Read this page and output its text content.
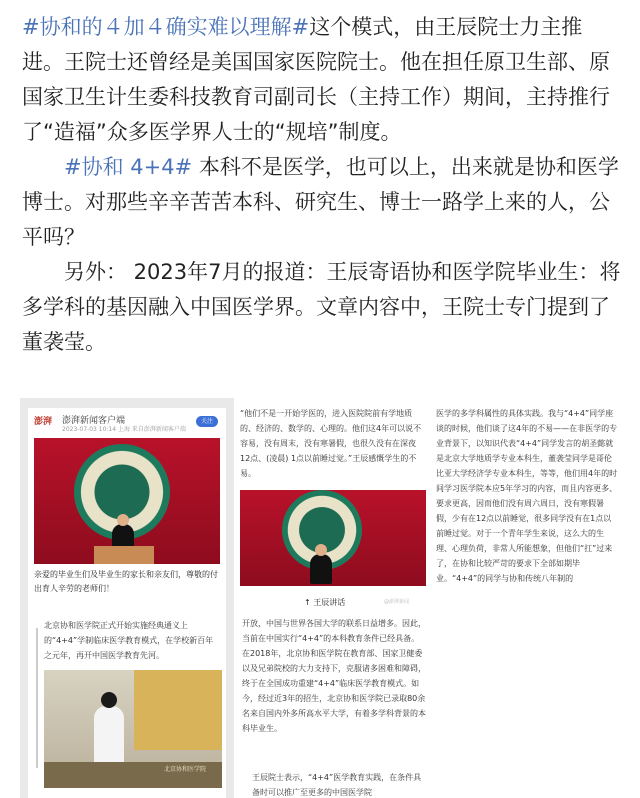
#协和的４加４确实难以理解#这个模式，由王辰院士力主推进。王院士还曾经是美国国家医院院士。他在担任原卫生部、原国家卫生计生委科技教育司副司长（主持工作）期间，主持推行了“造福”众多医学界人士的“规培”制度。

　　#协和 4+4# 本科不是医学，也可以上，出来就是协和医学博士。对那些辛辛苦苦本科、研究生、博士一路学上来的人，公平吗？

　　另外： 2023年7月的报道：王辰寄语协和医学院毕业生：将多学科的基因融入中国医学界。文章内容中，王院士专门提到了董袭莹。

澎湃 澎湃新闻客户端
2023-07-03 10:14 上海 来自澎湃新闻客户端
关注
亲爱的毕业生们及毕业生的家长和亲友们，尊敬的付出育人辛劳的老师们！
北京协和医学院正式开始实施经典通义上的“4+4”学制临床医学教育模式，在学校新百年之元年，再开中国医学教育先河。
北京协和医学院
“他们不是一开始学医的，进入医院院前有学地质的、经济的、数学的、心理的。他们这4年可以说不容易，没有周末，没有寒暑假，也很久没有在深夜12点、(凌晨) 1点以前睡过觉。”王辰感慨学生的不易。
↑ 王辰讲话	@澎湃新闻
开放，中国与世界各国大学的联系日益增多。因此，当前在中国实行“4+4”的本科教育条件已经具备。在2018年，北京协和医学院在教育部、国家卫健委以及兄弟院校的大力支持下，克服诸多困难和障碍，终于在全国成功重建“4+4”临床医学教育模式。如今，经过近3年的招生，北京协和医学院已录取80余名来自国内外多所高水平大学，有着多学科背景的本科毕业生。
王辰院士表示，“4+4”医学教育实践，在条件具备时可以推广至更多的中国医学院
医学的多学科属性的具体实践。我与“4+4”同学座谈的时候，他们谈了这4年的不易——在非医学的专业背景下，以知识代表“4+4”同学发言的胡圣懿就是北京大学地质学专业本科生，董袭莹同学是哥伦比亚大学经济学专业本科生，等等，他们用4年的时间学习医学院本应5年学习的内容，而且内容更多、要求更高，因而他们没有周六周日，没有寒假暑假，少有在12点以前睡觉，很多同学没有在1点以前睡过觉。对于一个青年学生来说，这么大的生理、心理负荷，非常人所能想象，但他们“扛”过来了，在协和比较严苛的要求下全部如期毕业。“4+4”的同学与协和传统八年制的
